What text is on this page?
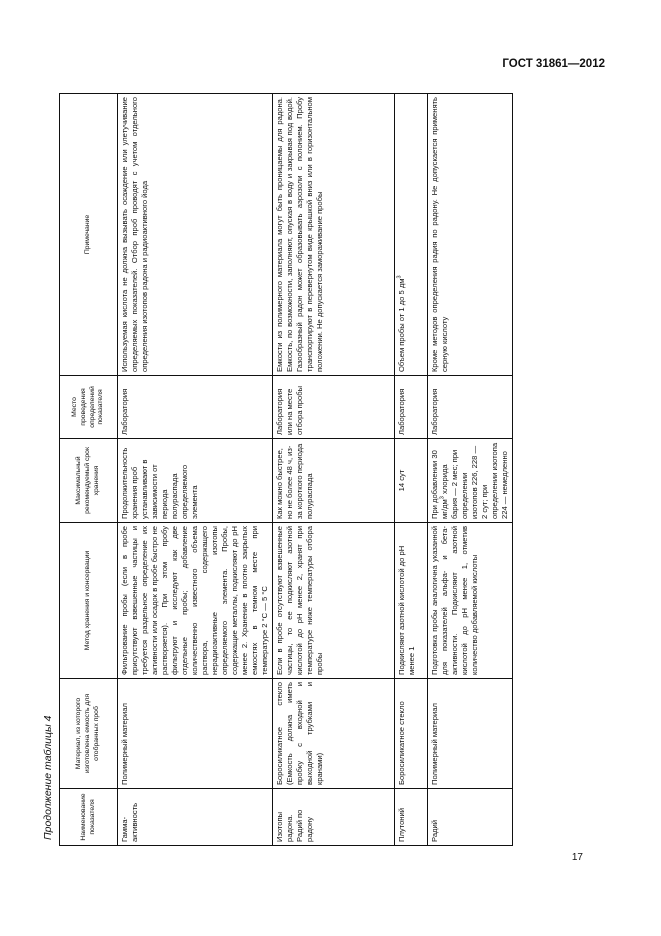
ГОСТ 31861—2012
Продолжение таблицы 4	Наименование показателя	Материал, из которого изготовлена емкость для отобранных проб	Метод хранения и консервации	Максимальный рекомендуемый срок хранения	Место проведения определений показателя	Примечание
Гамма-активность	Полимерный материал	Фильтрование пробы (если в пробе присутствуют взвешенные частицы и требуется раздельное определение их активности или осадок в пробе быстро не растворяется). При этом пробу фильтруют и исследуют как две отдельные пробы; добавление количественно известного объема раствора, содержащего нерадиоактивные изотопы определяемого элемента. Пробы, содержащие металлы, подкисляют до рН менее 2. Хранение в плотно закрытых емкостях в темном месте при температуре 2 °С — 5 °С	Продолжительность хранения проб устанавливают в зависимости от периода полураспада определяемого элемента	Лаборатория	Используемая кислота не должна вызывать осаждение или улетучивание определяемых показателей. Отбор проб проводят с учетом отдельного определения изотопов радона и радиоактивного йода
Изотопы радона. Радий по радону	Боросиликатное стекло (Емкость должна иметь пробку с входной и выходной трубками и кранами)	Если в пробе отсутствуют взвешенные частицы, то ее подкисляют азотной кислотой до рН менее 2, хранят при температуре ниже температуры отбора пробы	Как можно быстрее, но не более 48 ч, из-за короткого периода полураспада	Лаборатория или на месте отбора пробы	Емкости из полимерного материала могут быть проницаемы для радона. Емкость, по возможности, заполняют, опуская в воду и закрывая под водой. Газообразный радон может образовывать аэрозоли с полонием. Пробу транспортируют в перевернутом виде крышкой вниз или в горизонтальном положении. Не допускается замораживание пробы
Плутоний	Боросиликатное стекло	Подкисляют азотной кислотой до рН менее 1	14 сут	Лаборатория	Объем пробы от 1 до 5 $дм^3$
Радий	Полимерный материал	Подготовка пробы аналогична указанной для показателей альфа- и бета-активности. Подкисляют азотной кислотой до рН менее 1, отметив количество добавляемой кислоты	При добавлении 30 $мг/дм^3$ хлорида бария — 2 мес; при определении изотопов 226, 228 — 2 сут; при определении изотопа 224 — немедленно	Лаборатория	Кроме методов определения радия по радону. Не допускается применять серную кислоту
17
